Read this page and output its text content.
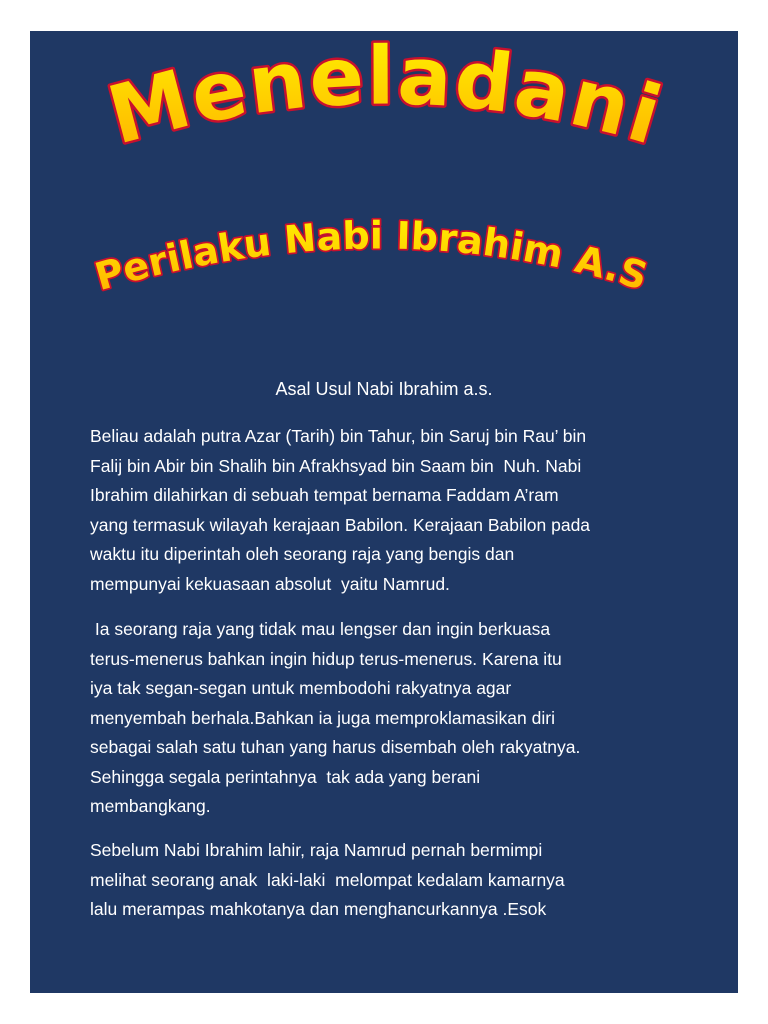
Meneladani
Perilaku Nabi Ibrahim A.S
Asal Usul Nabi Ibrahim a.s.

Beliau adalah putra Azar (Tarih) bin Tahur, bin Saruj bin Rau’ bin
Falij bin Abir bin Shalih bin Afrakhsyad bin Saam bin  Nuh. Nabi
Ibrahim dilahirkan di sebuah tempat bernama Faddam A’ram
yang termasuk wilayah kerajaan Babilon. Kerajaan Babilon pada
waktu itu diperintah oleh seorang raja yang bengis dan
mempunyai kekuasaan absolut  yaitu Namrud.

Ia seorang raja yang tidak mau lengser dan ingin berkuasa
terus-menerus bahkan ingin hidup terus-menerus. Karena itu
iya tak segan-segan untuk membodohi rakyatnya agar
menyembah berhala.Bahkan ia juga memproklamasikan diri
sebagai salah satu tuhan yang harus disembah oleh rakyatnya.
Sehingga segala perintahnya  tak ada yang berani
membangkang.

Sebelum Nabi Ibrahim lahir, raja Namrud pernah bermimpi
melihat seorang anak  laki-laki  melompat kedalam kamarnya
lalu merampas mahkotanya dan menghancurkannya .Esok
